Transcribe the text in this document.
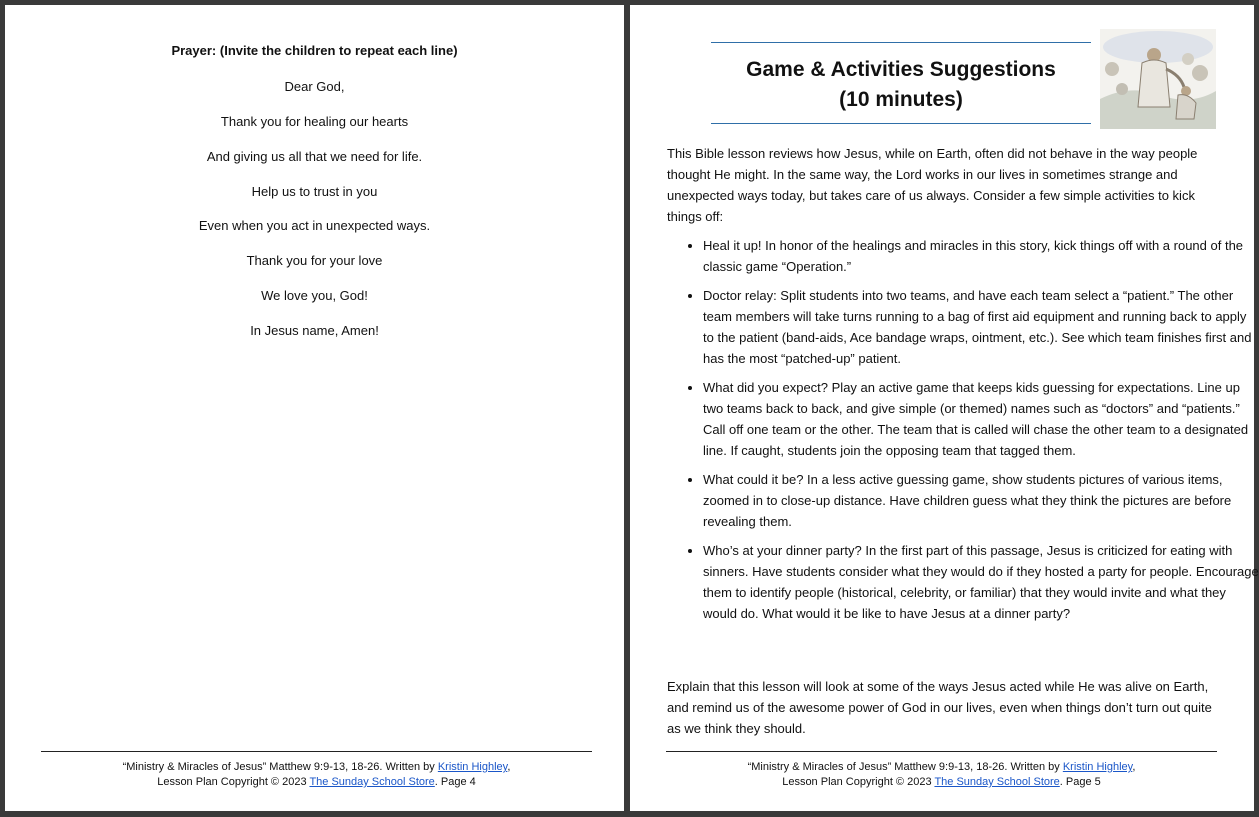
Prayer: (Invite the children to repeat each line)
Dear God,
Thank you for healing our hearts
And giving us all that we need for life.
Help us to trust in you
Even when you act in unexpected ways.
Thank you for your love
We love you, God!
In Jesus name, Amen!
“Ministry & Miracles of Jesus” Matthew 9:9-13, 18-26. Written by Kristin Highley,
Lesson Plan Copyright © 2023 The Sunday School Store. Page 4
Game & Activities Suggestions
(10 minutes)
This Bible lesson reviews how Jesus, while on Earth, often did not behave in the way people thought He might. In the same way, the Lord works in our lives in sometimes strange and unexpected ways today, but takes care of us always. Consider a few simple activities to kick things off:
• Heal it up! In honor of the healings and miracles in this story, kick things off with a round of the classic game “Operation.”
• Doctor relay: Split students into two teams, and have each team select a “patient.” The other team members will take turns running to a bag of first aid equipment and running back to apply to the patient (band-aids, Ace bandage wraps, ointment, etc.). See which team finishes first and has the most “patched-up” patient.
• What did you expect? Play an active game that keeps kids guessing for expectations. Line up two teams back to back, and give simple (or themed) names such as “doctors” and “patients.” Call off one team or the other. The team that is called will chase the other team to a designated line. If caught, students join the opposing team that tagged them.
• What could it be? In a less active guessing game, show students pictures of various items, zoomed in to close-up distance. Have children guess what they think the pictures are before revealing them.
• Who’s at your dinner party? In the first part of this passage, Jesus is criticized for eating with sinners. Have students consider what they would do if they hosted a party for people. Encourage them to identify people (historical, celebrity, or familiar) that they would invite and what they would do. What would it be like to have Jesus at a dinner party?
Explain that this lesson will look at some of the ways Jesus acted while He was alive on Earth, and remind us of the awesome power of God in our lives, even when things don’t turn out quite as we think they should.
“Ministry & Miracles of Jesus” Matthew 9:9-13, 18-26. Written by Kristin Highley,
Lesson Plan Copyright © 2023 The Sunday School Store. Page 5
